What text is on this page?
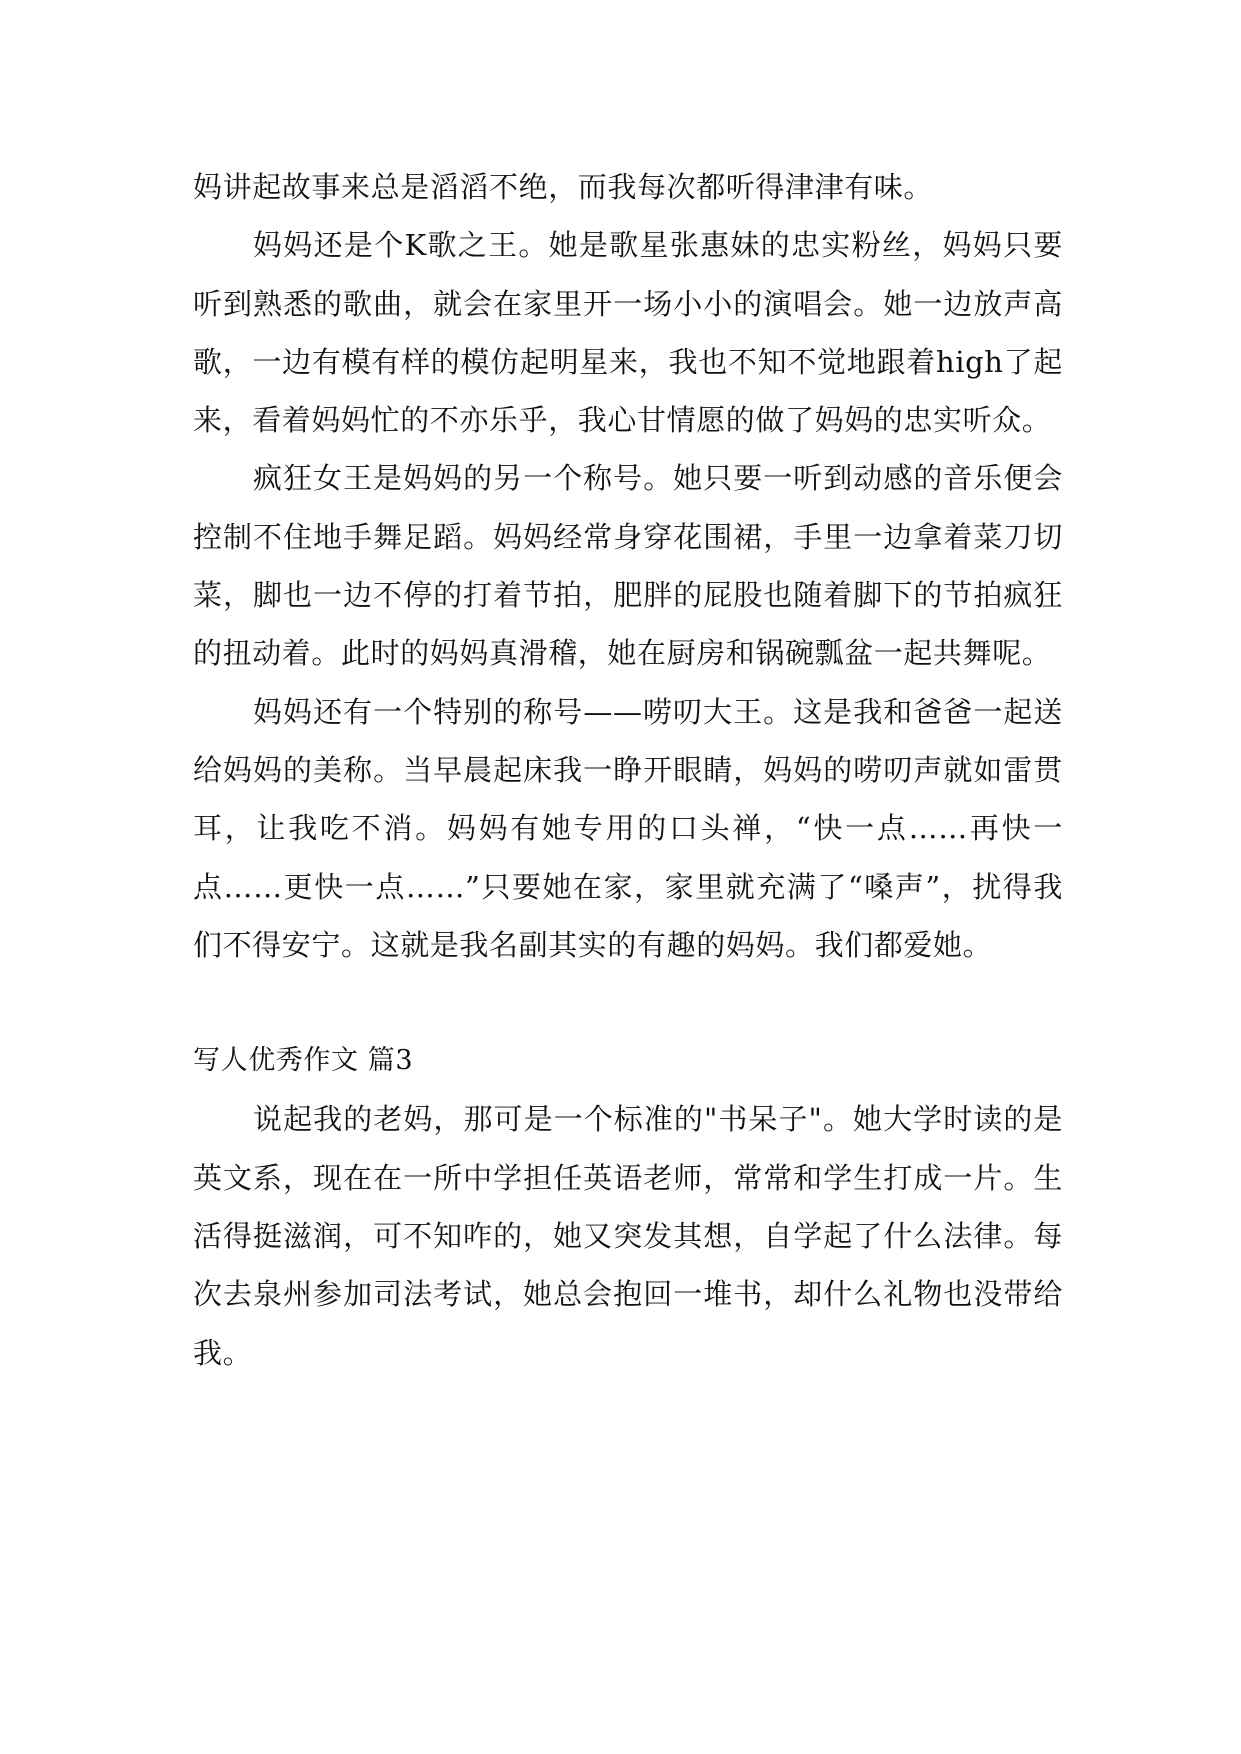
妈讲起故事来总是滔滔不绝，而我每次都听得津津有味。

妈妈还是个K歌之王。她是歌星张惠妹的忠实粉丝，妈妈只要听到熟悉的歌曲，就会在家里开一场小小的演唱会。她一边放声高歌，一边有模有样的模仿起明星来，我也不知不觉地跟着high了起来，看着妈妈忙的不亦乐乎，我心甘情愿的做了妈妈的忠实听众。

疯狂女王是妈妈的另一个称号。她只要一听到动感的音乐便会控制不住地手舞足蹈。妈妈经常身穿花围裙，手里一边拿着菜刀切菜，脚也一边不停的打着节拍，肥胖的屁股也随着脚下的节拍疯狂的扭动着。此时的妈妈真滑稽，她在厨房和锅碗瓢盆一起共舞呢。

妈妈还有一个特别的称号——唠叨大王。这是我和爸爸一起送给妈妈的美称。当早晨起床我一睁开眼睛，妈妈的唠叨声就如雷贯耳，让我吃不消。妈妈有她专用的口头禅，“快一点……再快一点……更快一点……”只要她在家，家里就充满了“嗓声”，扰得我们不得安宁。这就是我名副其实的有趣的妈妈。我们都爱她。

写人优秀作文 篇3

说起我的老妈，那可是一个标准的"书呆子"。她大学时读的是英文系，现在在一所中学担任英语老师，常常和学生打成一片。生活得挺滋润，可不知咋的，她又突发其想，自学起了什么法律。每次去泉州参加司法考试，她总会抱回一堆书，却什么礼物也没带给我。
